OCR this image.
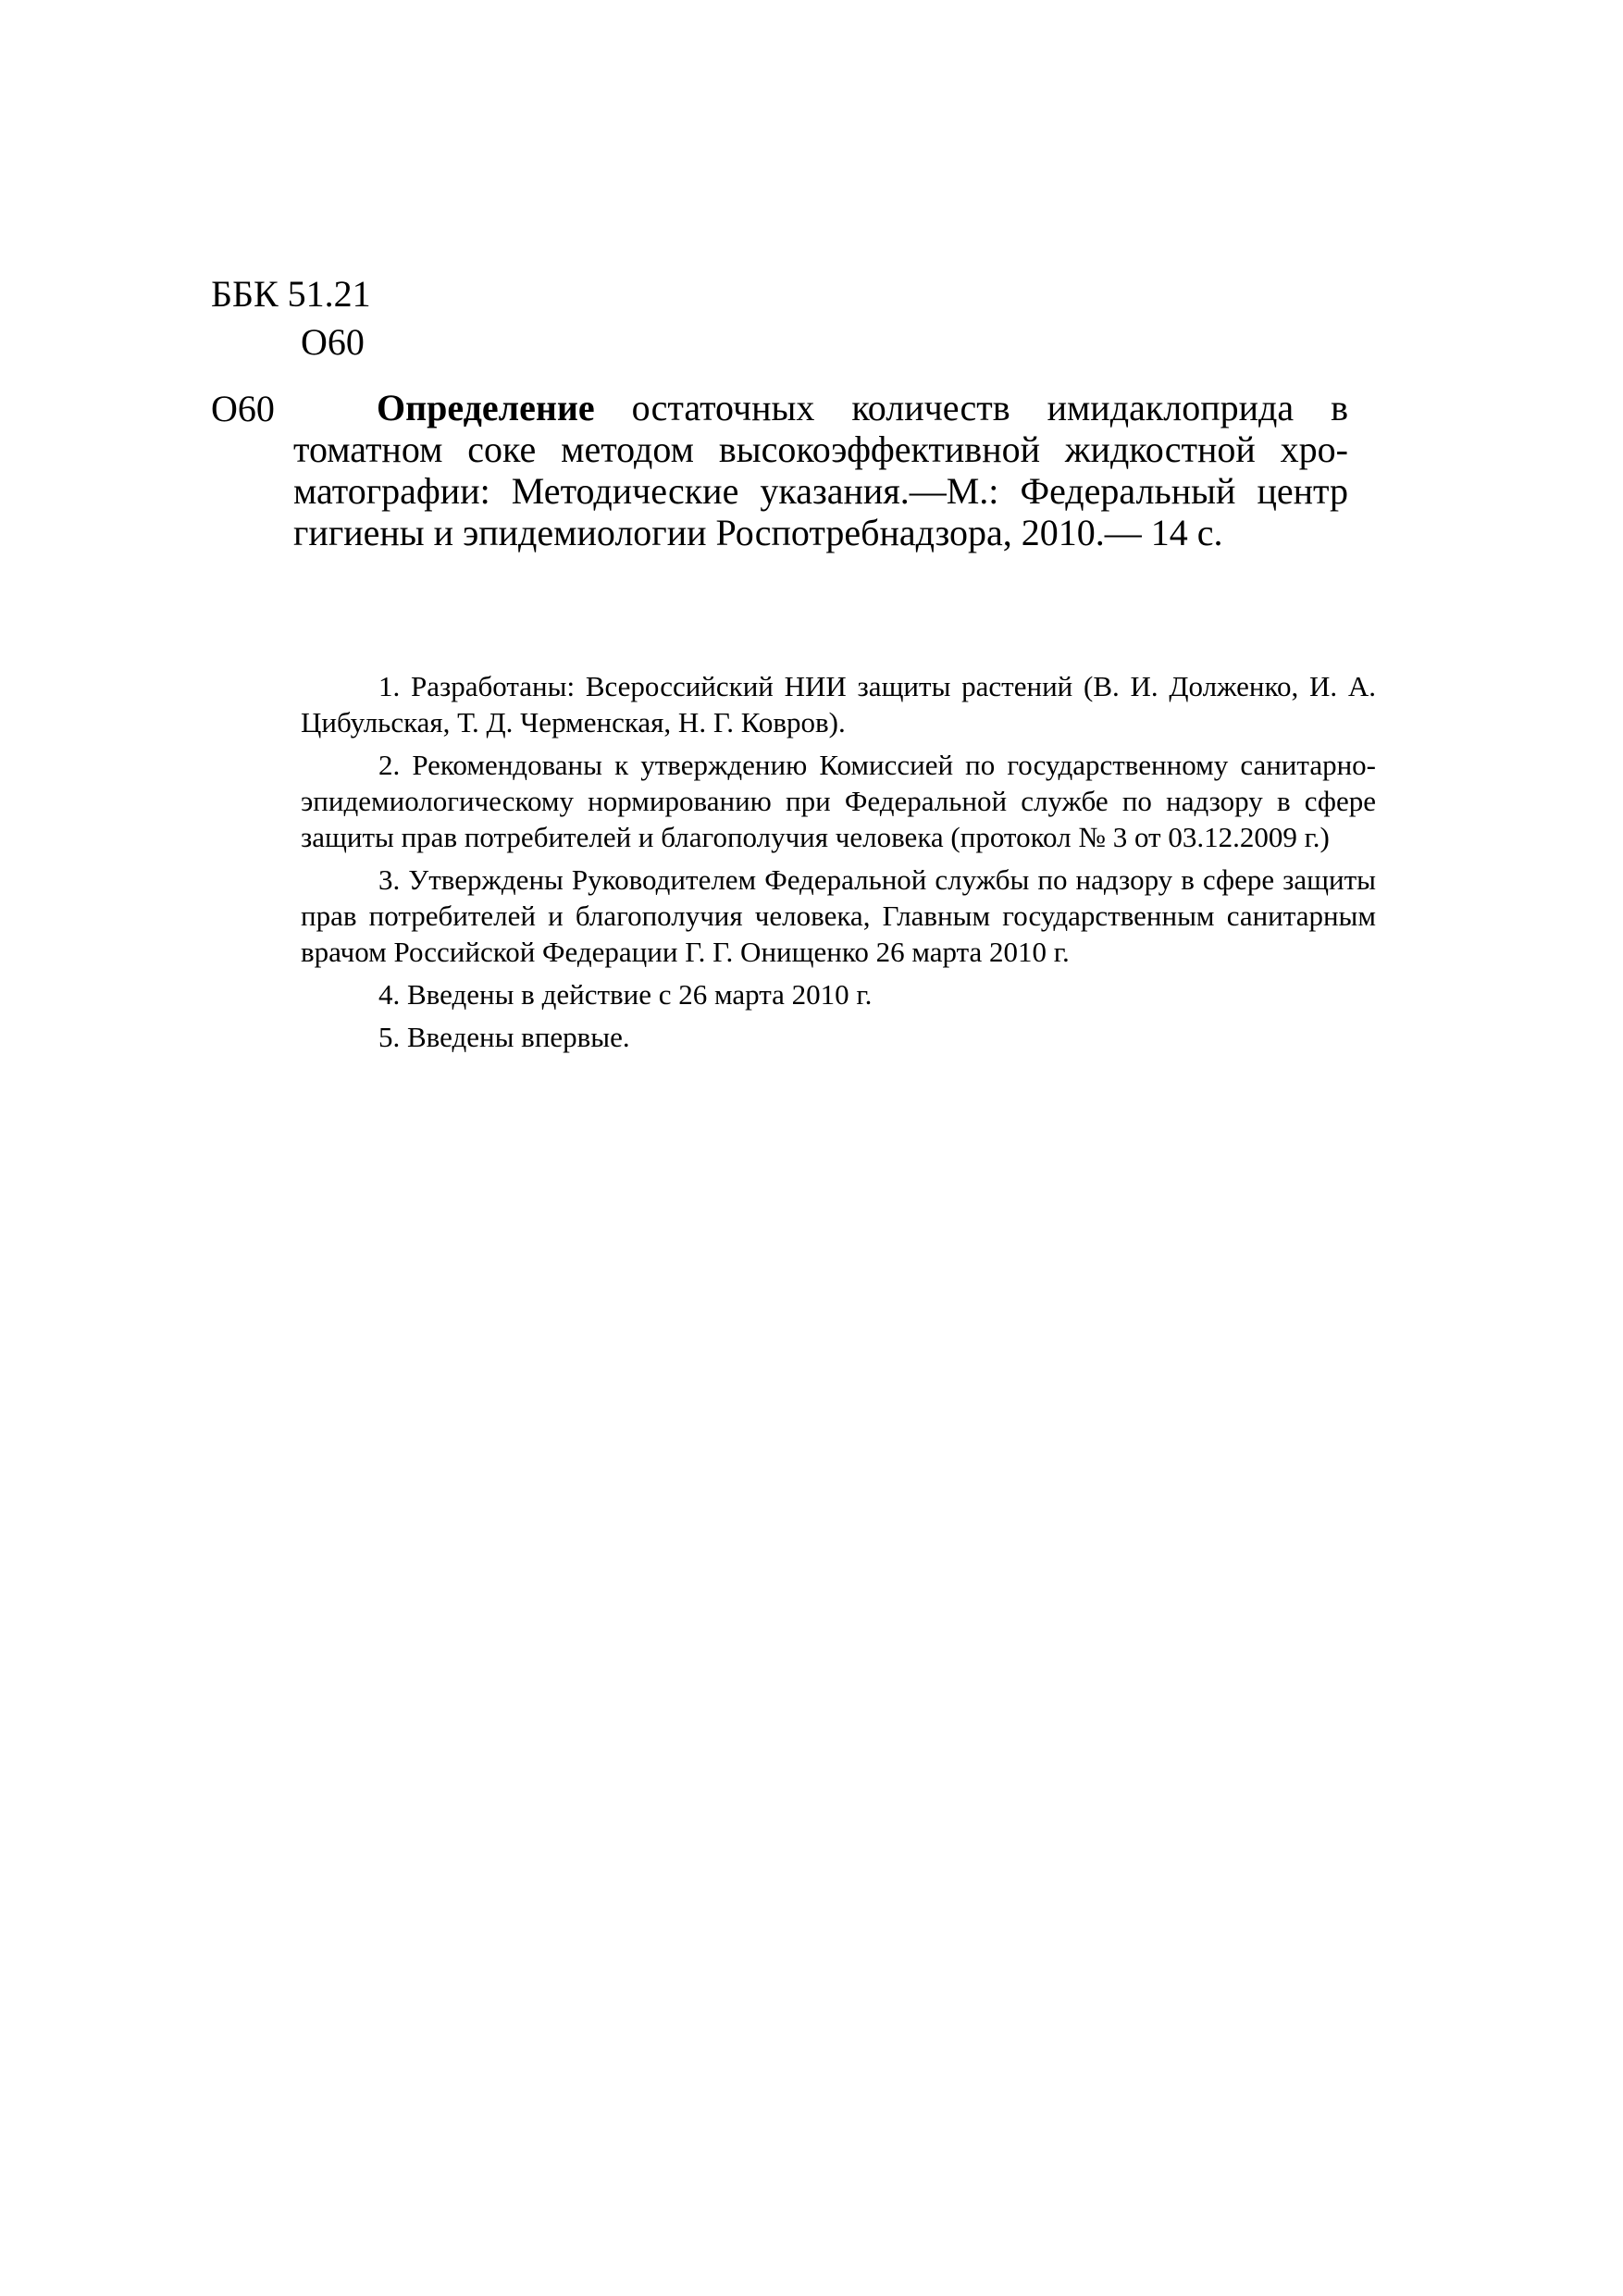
ББК 51.21
О60
О60	Определение остаточных количеств имидаклоприда в томатном соке методом высокоэффективной жидкостной хроматографии: Методические указания.—М.: Федеральный центр гигиены и эпидемиологии Роспотребнадзора, 2010.— 14 с.

1. Разработаны: Всероссийский НИИ защиты растений (В. И. Долженко, И. А. Цибульская, Т. Д. Черменская, Н. Г. Ковров).

2. Рекомендованы к утверждению Комиссией по государственному санитарно-эпидемиологическому нормированию при Федеральной службе по надзору в сфере защиты прав потребителей и благополучия человека (протокол № 3 от 03.12.2009 г.)

3. Утверждены Руководителем Федеральной службы по надзору в сфере защиты прав потребителей и благополучия человека, Главным государственным санитарным врачом Российской Федерации Г. Г. Онищенко 26 марта 2010 г.

4. Введены в действие с 26 марта 2010 г.

5. Введены впервые.
